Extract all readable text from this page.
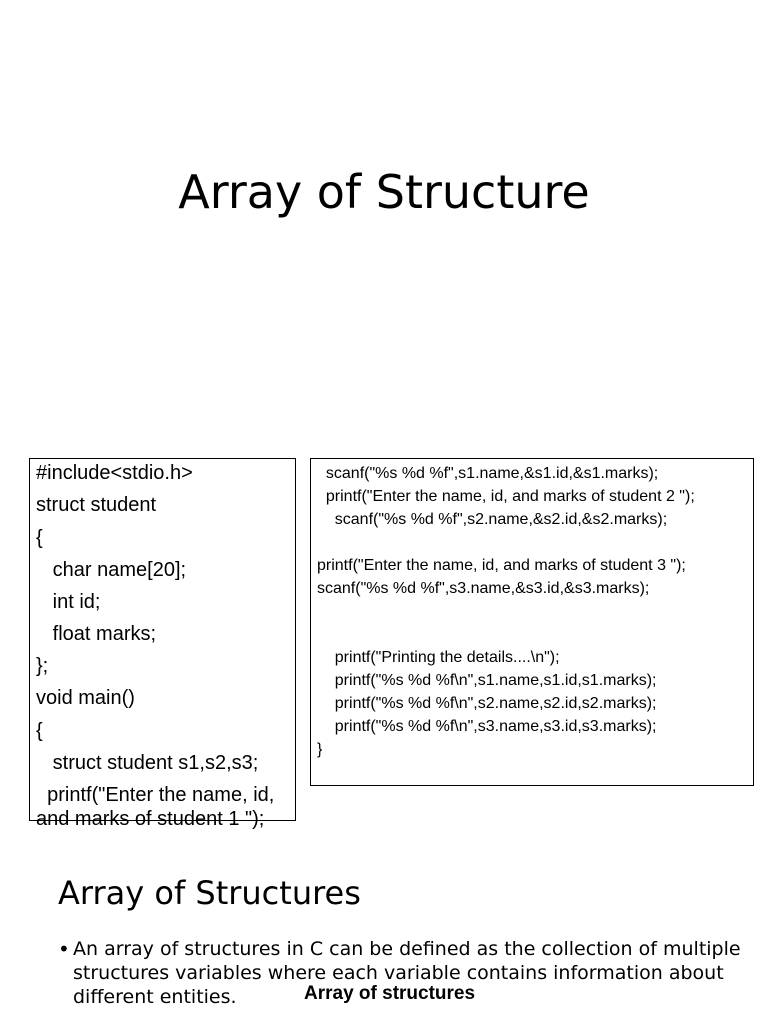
Array of Structure
#include<stdio.h>
struct student
{
char name[20];
int id;
float marks;
};
void main()
{
struct student s1,s2,s3;
printf("Enter the name, id,
and marks of student 1 ");
scanf("%s %d %f",s1.name,&s1.id,&s1.marks);
printf("Enter the name, id, and marks of student 2 ");
scanf("%s %d %f",s2.name,&s2.id,&s2.marks);
printf("Enter the name, id, and marks of student 3 ");
scanf("%s %d %f",s3.name,&s3.id,&s3.marks);
printf("Printing the details....\n");
printf("%s %d %f\n",s1.name,s1.id,s1.marks);
printf("%s %d %f\n",s2.name,s2.id,s2.marks);
printf("%s %d %f\n",s3.name,s3.id,s3.marks);
}
Array of Structures
• An array of structures in C can be defined as the collection of multiple
structures variables where each variable contains information about
different entities.	Array of structures
